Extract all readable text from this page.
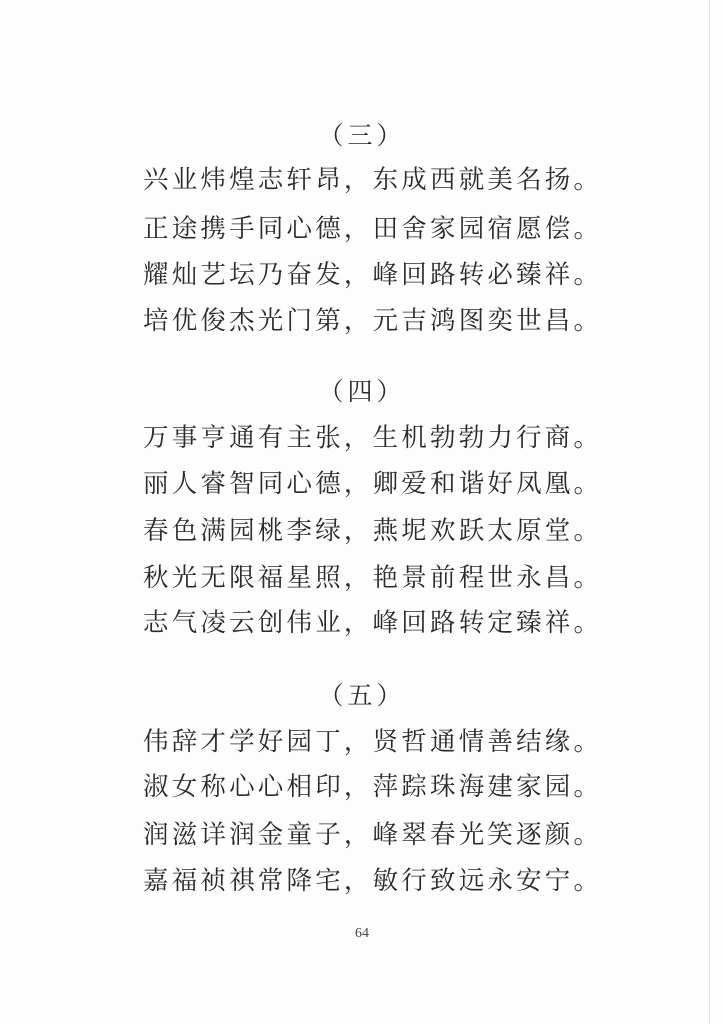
（三）
兴业炜煌志轩昂，东成西就美名扬。
正途携手同心德，田舍家园宿愿偿。
耀灿艺坛乃奋发，峰回路转必臻祥。
培优俊杰光门第，元吉鸿图奕世昌。
（四）
万事亨通有主张，生机勃勃力行商。
丽人睿智同心德，卿爱和谐好凤凰。
春色满园桃李绿，燕坭欢跃太原堂。
秋光无限福星照，艳景前程世永昌。
志气凌云创伟业，峰回路转定臻祥。
（五）
伟辞才学好园丁，贤哲通情善结缘。
淑女称心心相印，萍踪珠海建家园。
润滋详润金童子，峰翠春光笑逐颜。
嘉福祯祺常降宅，敏行致远永安宁。
64
